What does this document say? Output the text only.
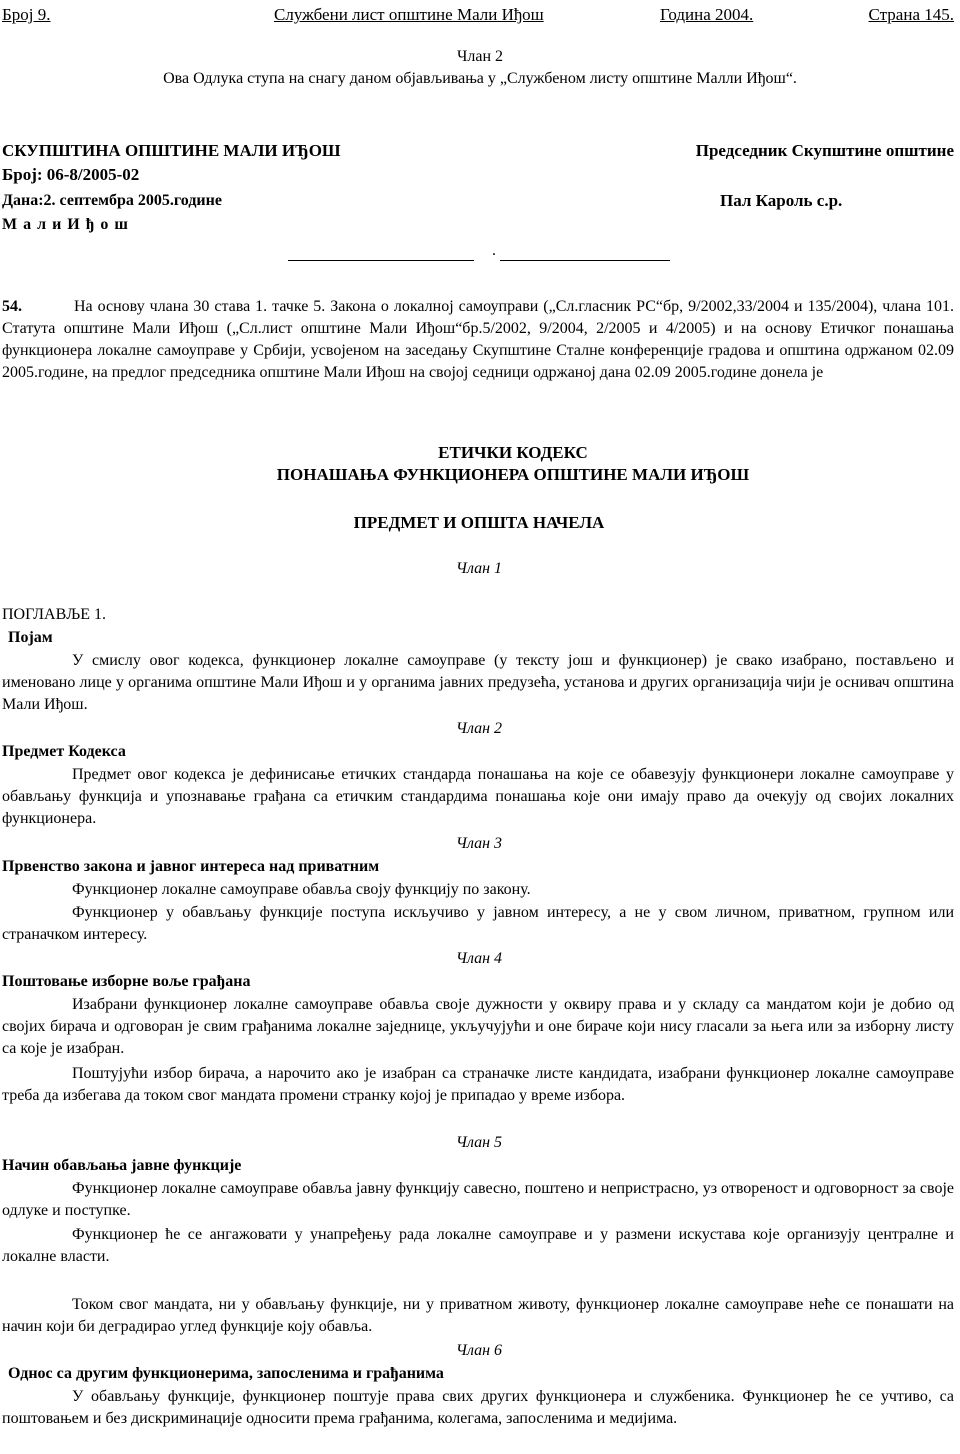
Број 9.	Службени лист општине Мали Иђош	Година 2004.	Страна 145.
Члан 2
Ова Одлука ступа на снагу даном објављивања у „Службеном листу општине Малли Иђош“.
СКУПШТИНА ОПШТИНЕ МАЛИ ИЂОШ
Број: 06-8/2005-02
Дана:2. септембра 2005.године
М а л и И ђ о ш
Председник Скупштине општине
Пал Кароль с.р.
.
54.	На основу члана 30 става 1. тачке 5. Закона о локалној самоуправи („Сл.гласник РС“бр, 9/2002,33/2004 и 135/2004), члана 101. Статута општине Мали Иђош („Сл.лист општине Мали Иђош“бр.5/2002, 9/2004, 2/2005 и 4/2005) и на основу Етичког понашања функционера локалне самоуправе у Србији, усвојеном на заседању Скупштине Сталне конференције градова и општина одржаном 02.09 2005.године, на предлог председника општине Мали Иђош на својој седници одржаној дана 02.09 2005.године донела је
ЕТИЧКИ КОДЕКС
ПОНАШАЊА ФУНКЦИОНЕРА ОПШТИНЕ МАЛИ ИЂОШ
ПРЕДМЕТ И ОПШТА НАЧЕЛА
Члан 1
ПОГЛАВЉЕ 1.
Појам
У смислу овог кодекса, функционер локалне самоуправе (у тексту још и функционер) је свако изабрано, постављено и именовано лице у органима општине Мали Иђош и у органима јавних предузећа, установа и других организација чији је оснивач општина Мали Иђош.
Члан 2
Предмет Кодекса
Предмет овог кодекса је дефинисање етичких стандарда понашања на које се обавезују функционери локалне самоуправе у обављању функција и упознавање грађана са етичким стандардима понашања које они имају право да очекују од својих локалних функционера.
Члан 3
Првенство закона и јавног интереса над приватним
Функционер локалне самоуправе обавља своју функцију по закону.
Функционер у обављању функције поступа искључиво у јавном интересу, а не у свом личном, приватном, групном или страначком интересу.
Члан 4
Поштовање изборне воље грађана
Изабрани функционер локалне самоуправе обавља своје дужности у оквиру права и у складу са мандатом који је добио од својих бирача и одговоран је свим грађанима локалне заједнице, укључујући и оне бираче који нису гласали за њега или за изборну листу са које је изабран.
Поштујући избор бирача, а нарочито ако је изабран са страначке листе кандидата, изабрани функционер локалне самоуправе треба да избегава да током свог мандата промени странку којој је припадао у време избора.
Члан 5
Начин обављања јавне функције
Функционер локалне самоуправе обавља јавну функцију савесно, поштено и непристрасно, уз отвореност и одговорност за своје одлуке и поступке.
Функционер ће се ангажовати у унапређењу рада локалне самоуправе и у размени искустава које организују централне и локалне власти.
Током свог мандата, ни у обављању функције, ни у приватном животу, функционер локалне самоуправе неће се понашати на начин који би деградирао углед функције коју обавља.
Члан 6
Однос са другим функционерима, запосленима и грађанима
У обављању функције, функционер поштује права свих других функционера и службеника. Функционер ће се учтиво, са поштовањем и без дискриминације односити према грађанима, колегама, запосленима и медијима.
